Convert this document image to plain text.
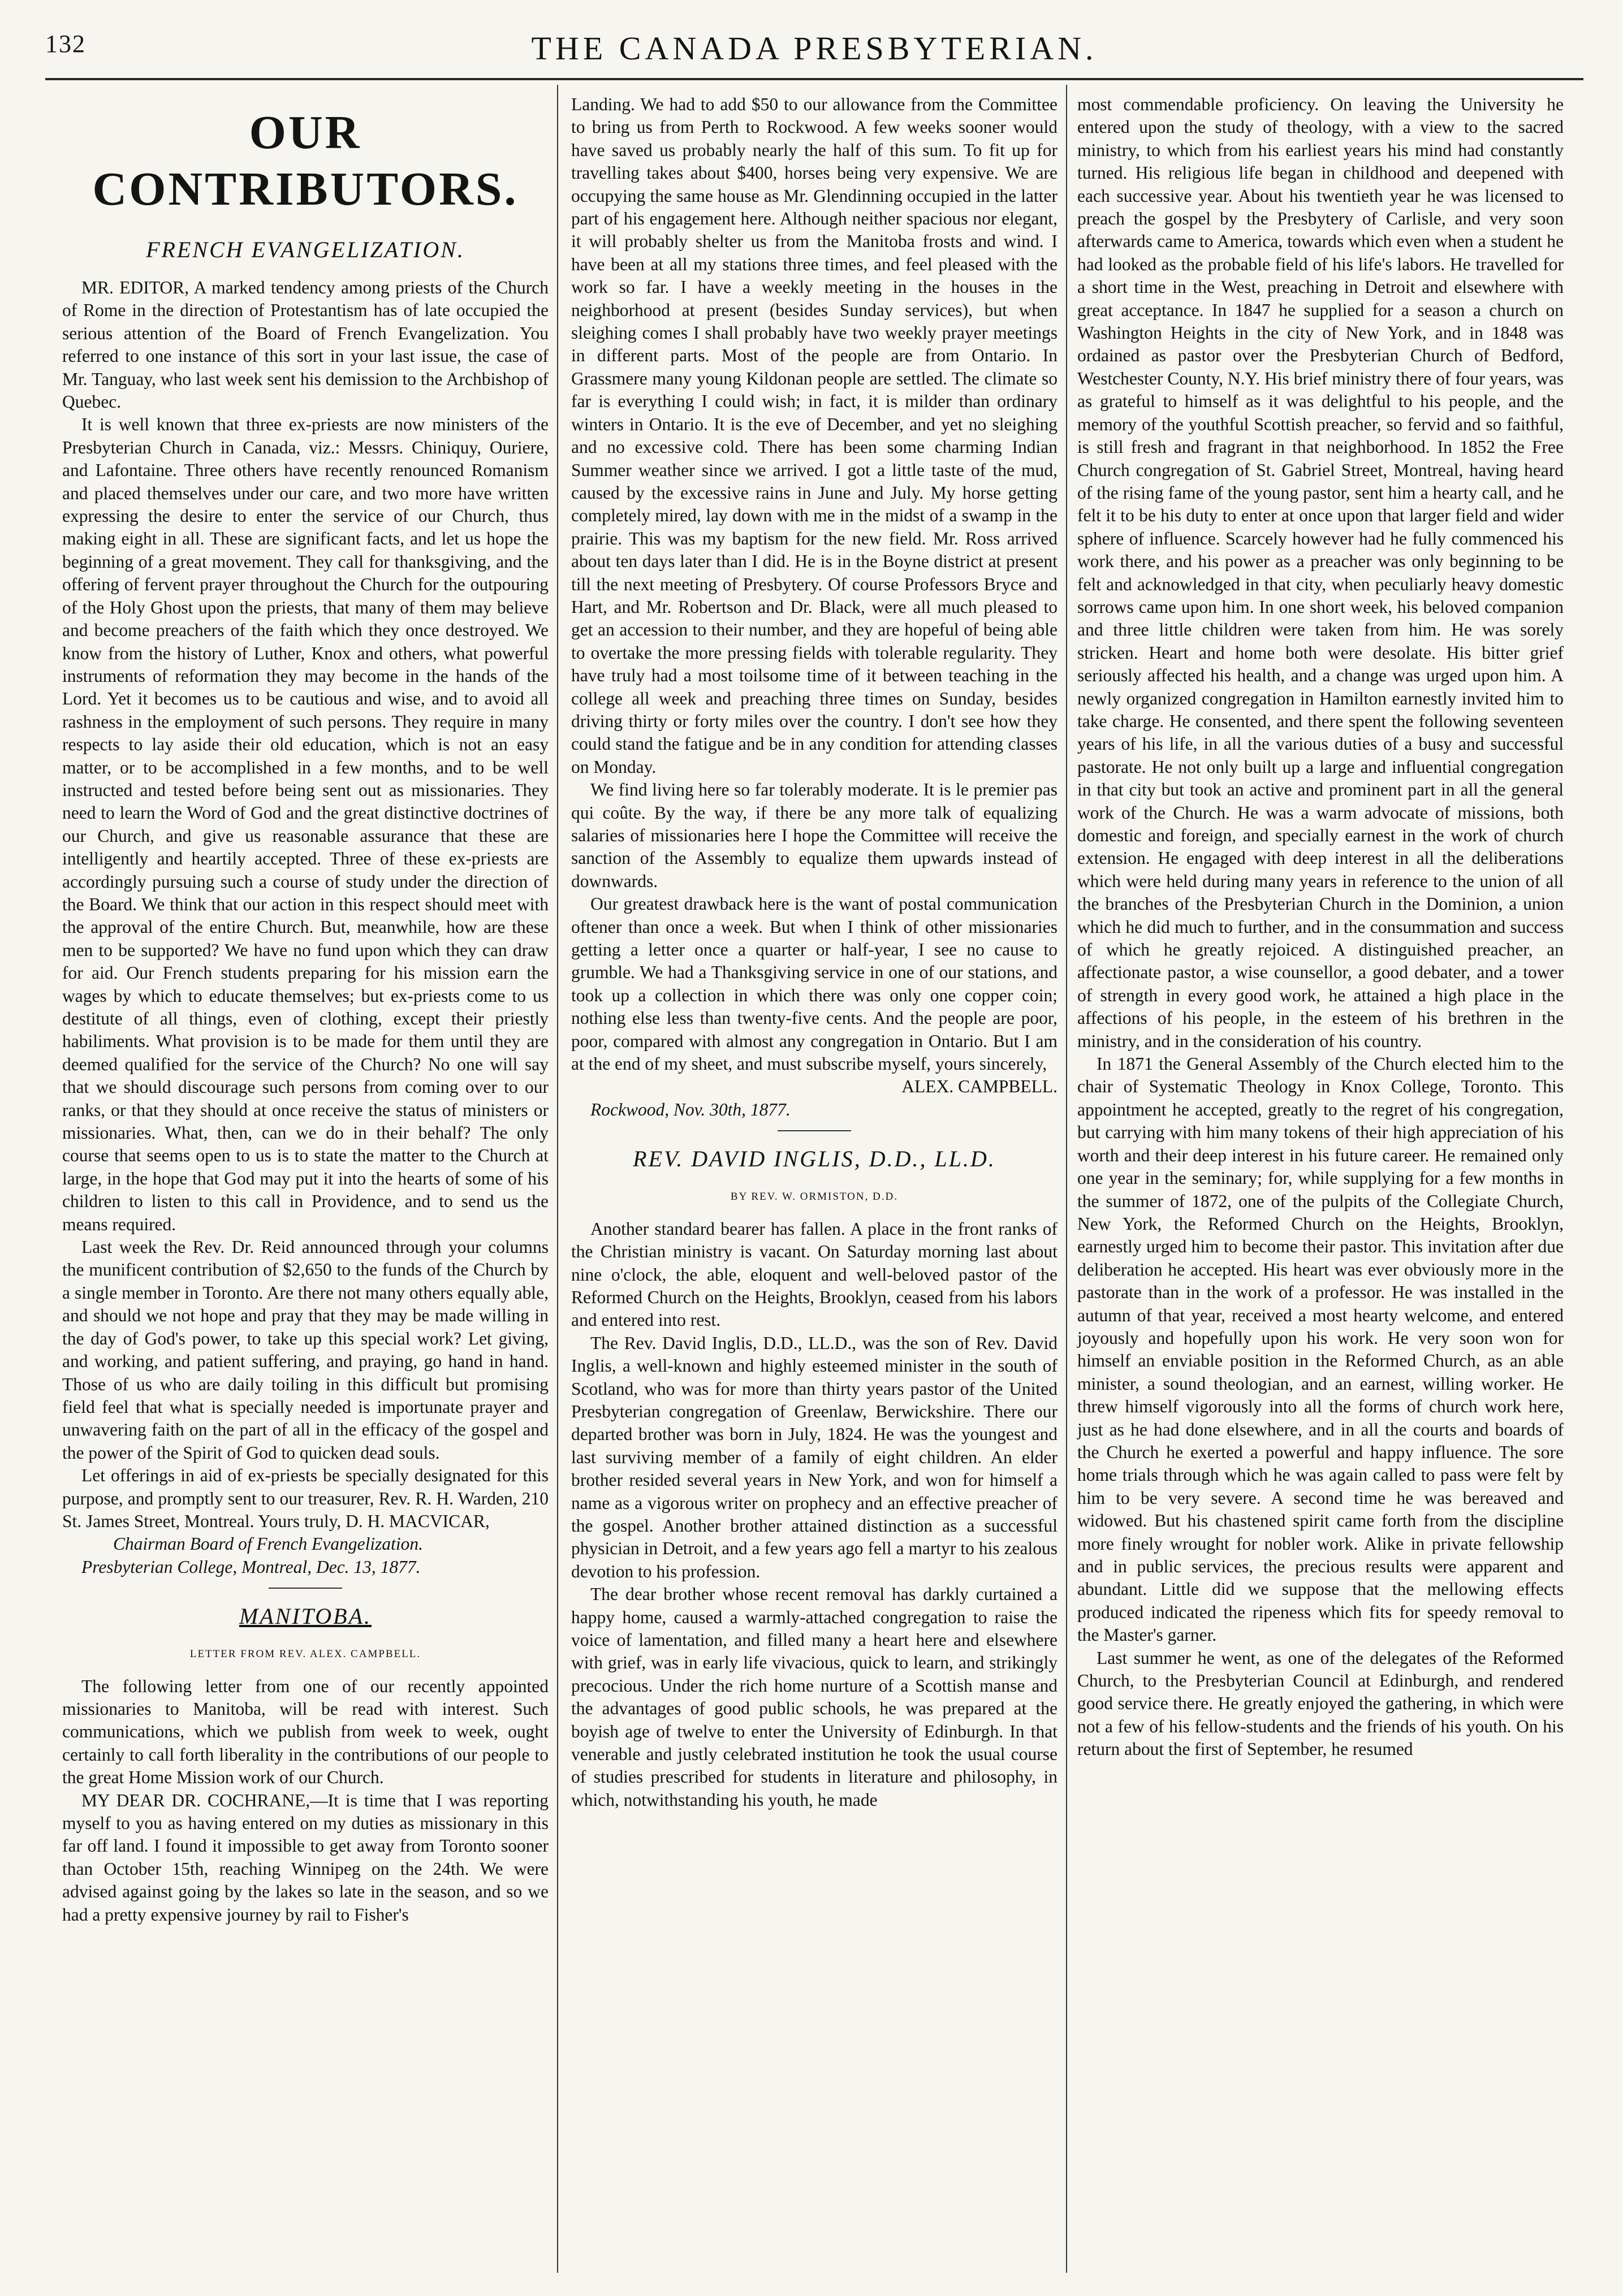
132	THE CANADA PRESBYTERIAN.
OUR CONTRIBUTORS.
FRENCH EVANGELIZATION.

MR. EDITOR, A marked tendency among priests of the Church of Rome in the direction of Protestantism has of late occupied the serious attention of the Board of French Evangelization. You referred to one instance of this sort in your last issue, the case of Mr. Tanguay, who last week sent his demission to the Archbishop of Quebec.

It is well known that three ex-priests are now ministers of the Presbyterian Church in Canada, viz.: Messrs. Chiniquy, Ouriere, and Lafontaine. Three others have recently renounced Romanism and placed themselves under our care, and two more have written expressing the desire to enter the service of our Church, thus making eight in all. These are significant facts, and let us hope the beginning of a great movement. They call for thanksgiving, and the offering of fervent prayer throughout the Church for the outpouring of the Holy Ghost upon the priests, that many of them may believe and become preachers of the faith which they once destroyed. We know from the history of Luther, Knox and others, what powerful instruments of reformation they may become in the hands of the Lord. Yet it becomes us to be cautious and wise, and to avoid all rashness in the employment of such persons. They require in many respects to lay aside their old education, which is not an easy matter, or to be accomplished in a few months, and to be well instructed and tested before being sent out as missionaries. They need to learn the Word of God and the great distinctive doctrines of our Church, and give us reasonable assurance that these are intelligently and heartily accepted. Three of these ex-priests are accordingly pursuing such a course of study under the direction of the Board. We think that our action in this respect should meet with the approval of the entire Church. But, meanwhile, how are these men to be supported? We have no fund upon which they can draw for aid. Our French students preparing for his mission earn the wages by which to educate themselves; but ex-priests come to us destitute of all things, even of clothing, except their priestly habiliments. What provision is to be made for them until they are deemed qualified for the service of the Church? No one will say that we should discourage such persons from coming over to our ranks, or that they should at once receive the status of ministers or missionaries. What, then, can we do in their behalf? The only course that seems open to us is to state the matter to the Church at large, in the hope that God may put it into the hearts of some of his children to listen to this call in Providence, and to send us the means required.

Last week the Rev. Dr. Reid announced through your columns the munificent contribution of $2,650 to the funds of the Church by a single member in Toronto. Are there not many others equally able, and should we not hope and pray that they may be made willing in the day of God's power, to take up this special work? Let giving, and working, and patient suffering, and praying, go hand in hand. Those of us who are daily toiling in this difficult but promising field feel that what is specially needed is importunate prayer and unwavering faith on the part of all in the efficacy of the gospel and the power of the Spirit of God to quicken dead souls.

Let offerings in aid of ex-priests be specially designated for this purpose, and promptly sent to our treasurer, Rev. R. H. Warden, 210 St. James Street, Montreal. Yours truly, D. H. MACVICAR,

Chairman Board of French Evangelization.

Presbyterian College, Montreal, Dec. 13, 1877.

MANITOBA.
LETTER FROM REV. ALEX. CAMPBELL.

The following letter from one of our recently appointed missionaries to Manitoba, will be read with interest. Such communications, which we publish from week to week, ought certainly to call forth liberality in the contributions of our people to the great Home Mission work of our Church.

MY DEAR DR. COCHRANE,—It is time that I was reporting myself to you as having entered on my duties as missionary in this far off land. I found it impossible to get away from Toronto sooner than October 15th, reaching Winnipeg on the 24th. We were advised against going by the lakes so late in the season, and so we had a pretty expensive journey by rail to Fisher's

Landing. We had to add $50 to our allowance from the Committee to bring us from Perth to Rockwood. A few weeks sooner would have saved us probably nearly the half of this sum. To fit up for travelling takes about $400, horses being very expensive. We are occupying the same house as Mr. Glendinning occupied in the latter part of his engagement here. Although neither spacious nor elegant, it will probably shelter us from the Manitoba frosts and wind. I have been at all my stations three times, and feel pleased with the work so far. I have a weekly meeting in the houses in the neighborhood at present (besides Sunday services), but when sleighing comes I shall probably have two weekly prayer meetings in different parts. Most of the people are from Ontario. In Grassmere many young Kildonan people are settled. The climate so far is everything I could wish; in fact, it is milder than ordinary winters in Ontario. It is the eve of December, and yet no sleighing and no excessive cold. There has been some charming Indian Summer weather since we arrived. I got a little taste of the mud, caused by the excessive rains in June and July. My horse getting completely mired, lay down with me in the midst of a swamp in the prairie. This was my baptism for the new field. Mr. Ross arrived about ten days later than I did. He is in the Boyne district at present till the next meeting of Presbytery. Of course Professors Bryce and Hart, and Mr. Robertson and Dr. Black, were all much pleased to get an accession to their number, and they are hopeful of being able to overtake the more pressing fields with tolerable regularity. They have truly had a most toilsome time of it between teaching in the college all week and preaching three times on Sunday, besides driving thirty or forty miles over the country. I don't see how they could stand the fatigue and be in any condition for attending classes on Monday.

We find living here so far tolerably moderate. It is le premier pas qui coûte. By the way, if there be any more talk of equalizing salaries of missionaries here I hope the Committee will receive the sanction of the Assembly to equalize them upwards instead of downwards.

Our greatest drawback here is the want of postal communication oftener than once a week. But when I think of other missionaries getting a letter once a quarter or half-year, I see no cause to grumble. We had a Thanksgiving service in one of our stations, and took up a collection in which there was only one copper coin; nothing else less than twenty-five cents. And the people are poor, poor, compared with almost any congregation in Ontario. But I am at the end of my sheet, and must subscribe myself, yours sincerely,

ALEX. CAMPBELL.

Rockwood, Nov. 30th, 1877.

REV. DAVID INGLIS, D.D., LL.D.
BY REV. W. ORMISTON, D.D.

Another standard bearer has fallen. A place in the front ranks of the Christian ministry is vacant. On Saturday morning last about nine o'clock, the able, eloquent and well-beloved pastor of the Reformed Church on the Heights, Brooklyn, ceased from his labors and entered into rest.

The Rev. David Inglis, D.D., LL.D., was the son of Rev. David Inglis, a well-known and highly esteemed minister in the south of Scotland, who was for more than thirty years pastor of the United Presbyterian congregation of Greenlaw, Berwickshire. There our departed brother was born in July, 1824. He was the youngest and last surviving member of a family of eight children. An elder brother resided several years in New York, and won for himself a name as a vigorous writer on prophecy and an effective preacher of the gospel. Another brother attained distinction as a successful physician in Detroit, and a few years ago fell a martyr to his zealous devotion to his profession.

The dear brother whose recent removal has darkly curtained a happy home, caused a warmly-attached congregation to raise the voice of lamentation, and filled many a heart here and elsewhere with grief, was in early life vivacious, quick to learn, and strikingly precocious. Under the rich home nurture of a Scottish manse and the advantages of good public schools, he was prepared at the boyish age of twelve to enter the University of Edinburgh. In that venerable and justly celebrated institution he took the usual course of studies prescribed for students in literature and philosophy, in which, notwithstanding his youth, he made

most commendable proficiency. On leaving the University he entered upon the study of theology, with a view to the sacred ministry, to which from his earliest years his mind had constantly turned. His religious life began in childhood and deepened with each successive year. About his twentieth year he was licensed to preach the gospel by the Presbytery of Carlisle, and very soon afterwards came to America, towards which even when a student he had looked as the probable field of his life's labors. He travelled for a short time in the West, preaching in Detroit and elsewhere with great acceptance. In 1847 he supplied for a season a church on Washington Heights in the city of New York, and in 1848 was ordained as pastor over the Presbyterian Church of Bedford, Westchester County, N.Y. His brief ministry there of four years, was as grateful to himself as it was delightful to his people, and the memory of the youthful Scottish preacher, so fervid and so faithful, is still fresh and fragrant in that neighborhood. In 1852 the Free Church congregation of St. Gabriel Street, Montreal, having heard of the rising fame of the young pastor, sent him a hearty call, and he felt it to be his duty to enter at once upon that larger field and wider sphere of influence. Scarcely however had he fully commenced his work there, and his power as a preacher was only beginning to be felt and acknowledged in that city, when peculiarly heavy domestic sorrows came upon him. In one short week, his beloved companion and three little children were taken from him. He was sorely stricken. Heart and home both were desolate. His bitter grief seriously affected his health, and a change was urged upon him. A newly organized congregation in Hamilton earnestly invited him to take charge. He consented, and there spent the following seventeen years of his life, in all the various duties of a busy and successful pastorate. He not only built up a large and influential congregation in that city but took an active and prominent part in all the general work of the Church. He was a warm advocate of missions, both domestic and foreign, and specially earnest in the work of church extension. He engaged with deep interest in all the deliberations which were held during many years in reference to the union of all the branches of the Presbyterian Church in the Dominion, a union which he did much to further, and in the consummation and success of which he greatly rejoiced. A distinguished preacher, an affectionate pastor, a wise counsellor, a good debater, and a tower of strength in every good work, he attained a high place in the affections of his people, in the esteem of his brethren in the ministry, and in the consideration of his country.

In 1871 the General Assembly of the Church elected him to the chair of Systematic Theology in Knox College, Toronto. This appointment he accepted, greatly to the regret of his congregation, but carrying with him many tokens of their high appreciation of his worth and their deep interest in his future career. He remained only one year in the seminary; for, while supplying for a few months in the summer of 1872, one of the pulpits of the Collegiate Church, New York, the Reformed Church on the Heights, Brooklyn, earnestly urged him to become their pastor. This invitation after due deliberation he accepted. His heart was ever obviously more in the pastorate than in the work of a professor. He was installed in the autumn of that year, received a most hearty welcome, and entered joyously and hopefully upon his work. He very soon won for himself an enviable position in the Reformed Church, as an able minister, a sound theologian, and an earnest, willing worker. He threw himself vigorously into all the forms of church work here, just as he had done elsewhere, and in all the courts and boards of the Church he exerted a powerful and happy influence. The sore home trials through which he was again called to pass were felt by him to be very severe. A second time he was bereaved and widowed. But his chastened spirit came forth from the discipline more finely wrought for nobler work. Alike in private fellowship and in public services, the precious results were apparent and abundant. Little did we suppose that the mellowing effects produced indicated the ripeness which fits for speedy removal to the Master's garner.

Last summer he went, as one of the delegates of the Reformed Church, to the Presbyterian Council at Edinburgh, and rendered good service there. He greatly enjoyed the gathering, in which were not a few of his fellow-students and the friends of his youth. On his return about the first of September, he resumed
